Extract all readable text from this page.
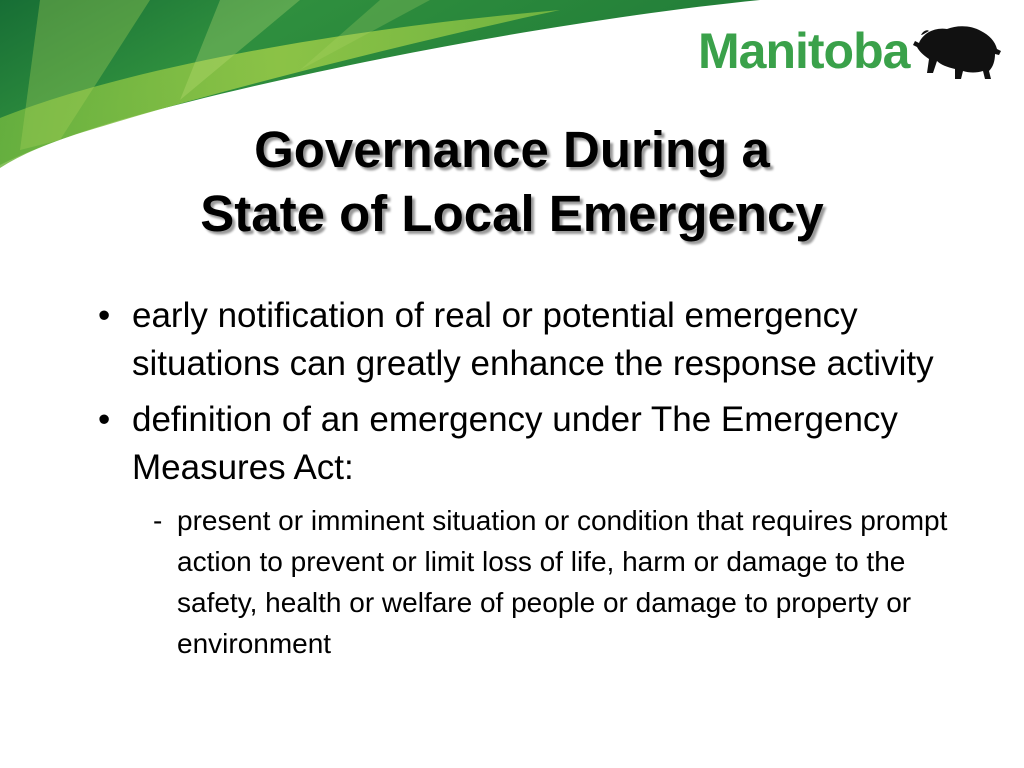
Manitoba
Governance During a
State of Local Emergency
• early notification of real or potential emergency situations can greatly enhance the response activity
• definition of an emergency under The Emergency Measures Act:
- present or imminent situation or condition that requires prompt action to prevent or limit loss of life, harm or damage to the safety, health or welfare of people or damage to property or environment
